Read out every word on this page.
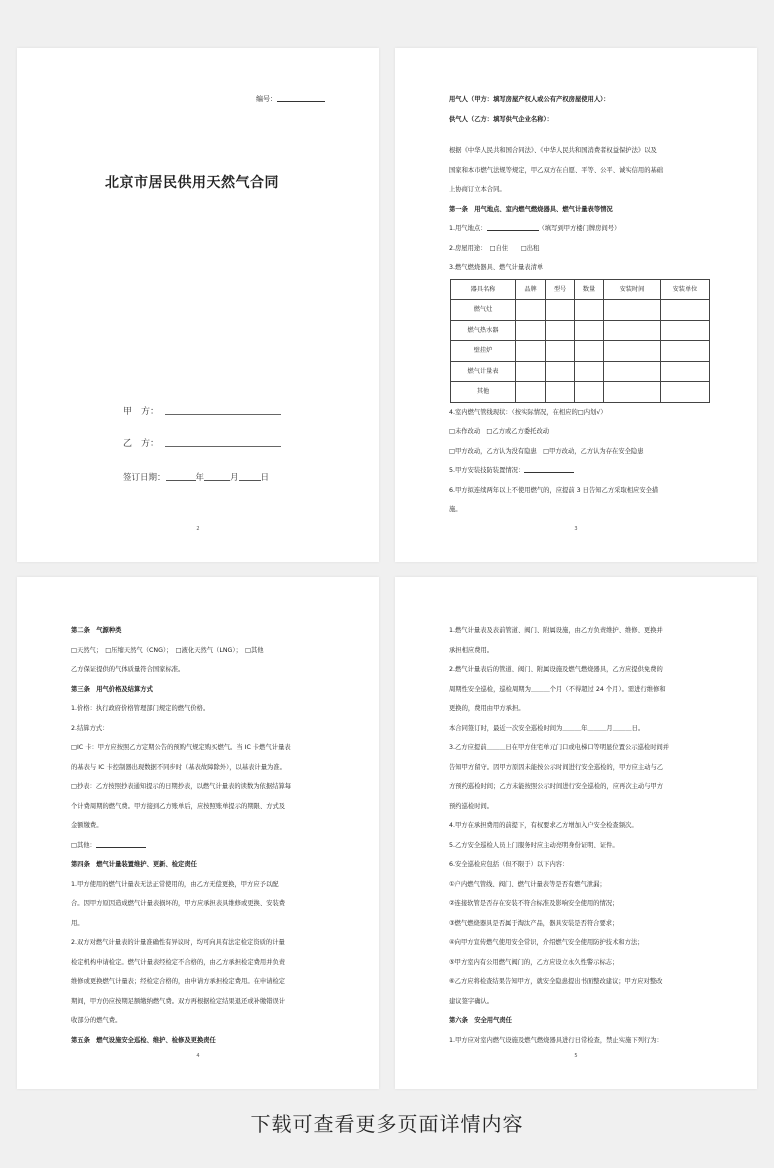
编号：
北京市居民供用天然气合同
甲　方：
乙　方：
签订日期：	年	月	日
2

用气人（甲方：填写房屋产权人或公有产权房屋使用人）：

供气人（乙方：填写供气企业名称）：

根据《中华人民共和国合同法》、《中华人民共和国消费者权益保护法》以及

国家和本市燃气法规等规定，甲乙双方在自愿、平等、公平、诚实信用的基础

上协商订立本合同。

第一条　用气地点、室内燃气燃烧器具、燃气计量表等情况

1.用气地点：	（填写到甲方楼门牌房间号）

2.房屋用途：　□自住　　□出租

3.燃气燃烧器具、燃气计量表清单

器具名称	品牌	型号	数量	安装时间	安装单位
燃气灶					
燃气热水器					
壁挂炉					
燃气计量表					
其他					

4.室内燃气管线现状：（按实际情况，在相应的□内划√）

□未作改动　□乙方或乙方委托改动

□甲方改动，乙方认为没有隐患　□甲方改动，乙方认为存在安全隐患

5.甲方安装技防装置情况：

6.甲方拟连续两年以上不使用燃气的，应提前 3 日告知乙方采取相应安全措

施。

3

第二条　气源种类

□天然气；　□压缩天然气（CNG）；　□液化天然气（LNG）；　□其他

乙方保证提供的气体质量符合国家标准。

第三条　用气价格及结算方式

1.价格：执行政府价格管理部门规定的燃气价格。

2.结算方式：

□IC 卡：甲方应按照乙方定期公告的预购气规定购买燃气。当 IC 卡燃气计量表

的基表与 IC 卡控制器出现数据不同步时（基表故障除外），以基表计量为准。

□抄表：乙方按照抄表通知提示的日期抄表，以燃气计量表的读数为依据结算每

个计费周期的燃气费。甲方接到乙方账单后，应按照账单提示的期限、方式及

金额缴费。

□其他：

第四条　燃气计量装置维护、更新、检定责任

1.甲方使用的燃气计量表无法正常使用的，由乙方无偿更换，甲方应予以配

合。因甲方原因造成燃气计量表损坏的，甲方应承担表具维修或更换、安装费

用。

2.双方对燃气计量表的计量准确性有异议时，均可向具有法定检定资质的计量

检定机构申请检定。燃气计量表经检定不合格的，由乙方承担检定费用并负责

维修或更换燃气计量表；经检定合格的，由申请方承担检定费用。在申请检定

期间，甲方仍应按期足额缴纳燃气费。双方再根据检定结果退还或补缴错误计

收部分的燃气费。

第五条　燃气设施安全巡检、维护、检修及更换责任

4

1.燃气计量表及表前管道、阀门、附属设施，由乙方负责维护、维修、更换并

承担相应费用。

2.燃气计量表后的管道、阀门、附属设施及燃气燃烧器具，乙方应提供免费的

周期性安全巡检，巡检周期为＿＿＿个月（不得超过 24 个月）。需进行维修和

更换的，费用由甲方承担。

本合同签订时，最近一次安全巡检时间为＿＿＿年＿＿＿月＿＿＿日。

3.乙方应提前＿＿＿日在甲方住宅单元门口或电梯口等明显位置公示巡检时间并

告知甲方留守。因甲方原因未能按公示时间进行安全巡检的，甲方应主动与乙

方预约巡检时间；乙方未能按照公示时间进行安全巡检的，应再次主动与甲方

预约巡检时间。

4.甲方在承担费用的前提下，有权要求乙方增加入户安全检查频次。

5.乙方安全巡检人员上门服务时应主动亮明身份证明、证件。

6.安全巡检应包括（但不限于）以下内容：

①户内燃气管线、阀门、燃气计量表等是否有燃气泄漏；

②连接软管是否存在安装不符合标准及影响安全使用的情况；

③燃气燃烧器具是否属于淘汰产品，器具安装是否符合要求；

④向甲方宣传燃气使用安全常识，介绍燃气安全使用防护技术和方法；

⑤甲方室内有公用燃气阀门的，乙方应设立永久性警示标志；

⑥乙方应将检查结果告知甲方，就安全隐患提出书面整改建议；甲方应对整改

建议签字确认。

第六条　安全用气责任

1.甲方应对室内燃气设施及燃气燃烧器具进行日常检查，禁止实施下列行为：

5
下载可查看更多页面详情内容
